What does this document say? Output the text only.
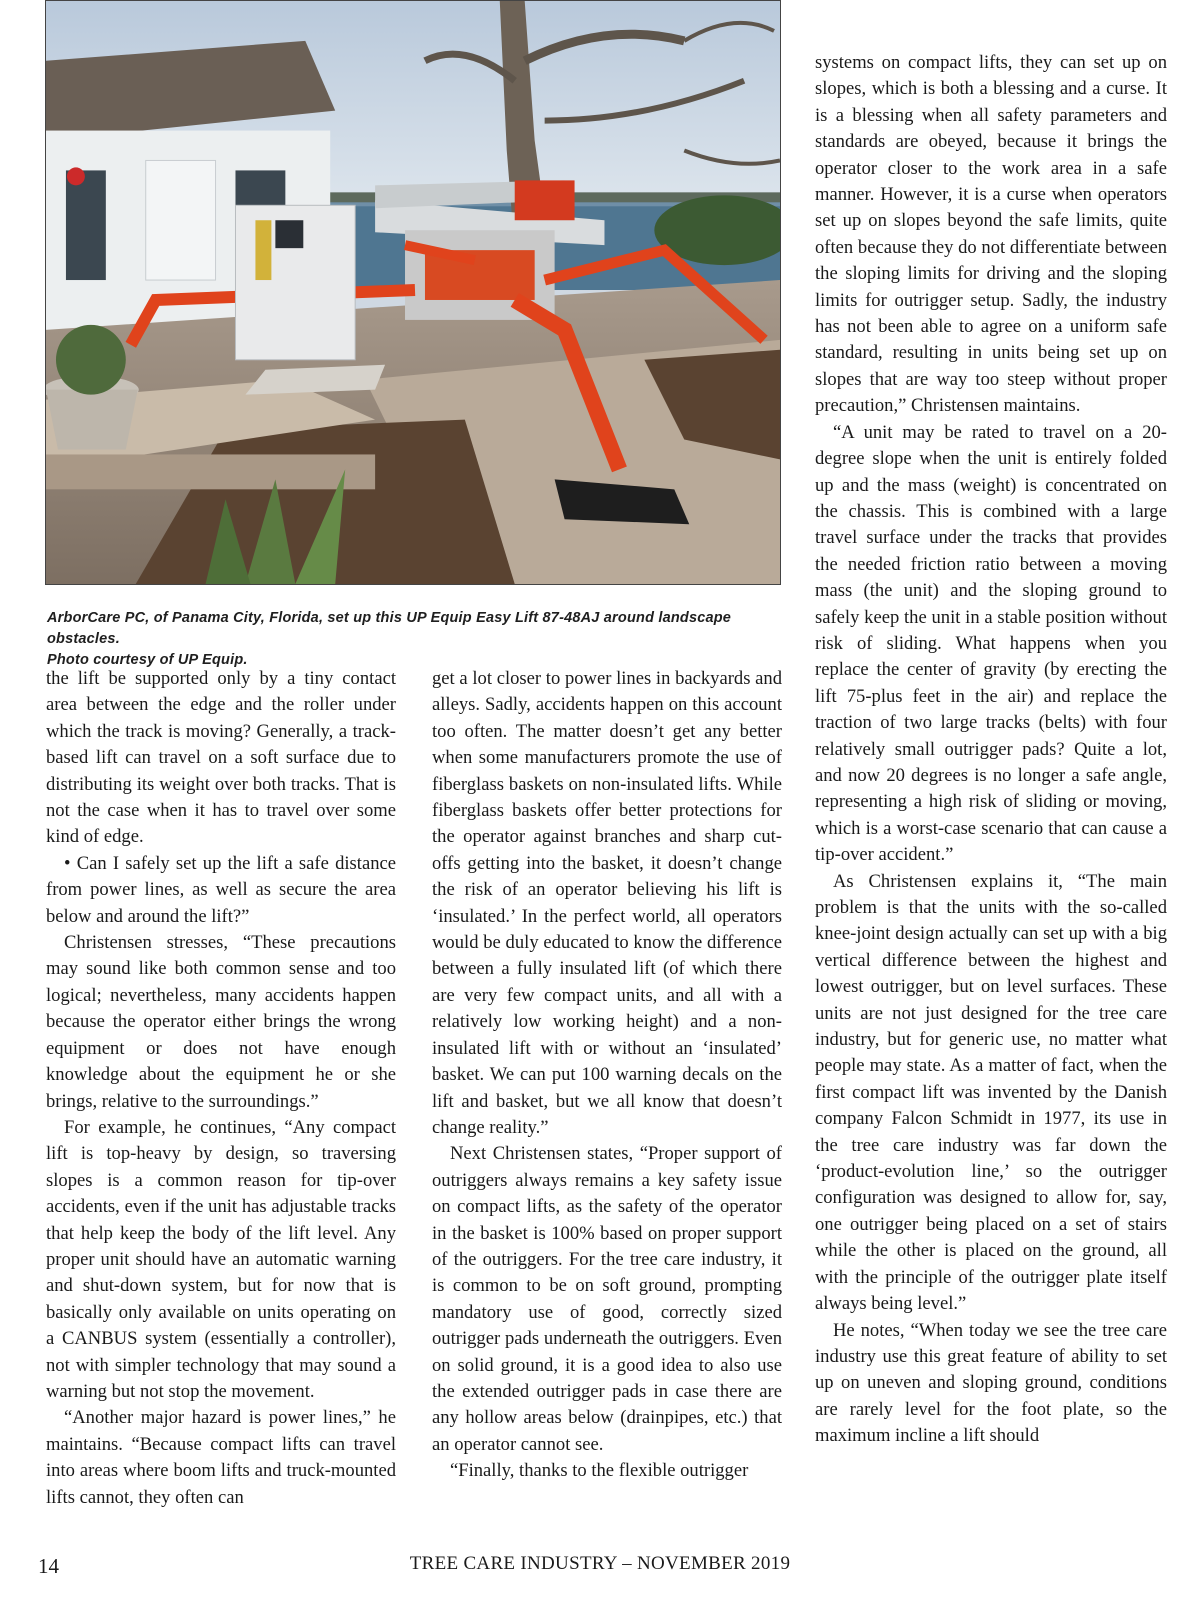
ArborCare PC, of Panama City, Florida, set up this UP Equip Easy Lift 87-48AJ around landscape obstacles.
Photo courtesy of UP Equip.

the lift be supported only by a tiny contact area between the edge and the roller under which the track is moving? Generally, a track-based lift can travel on a soft surface due to distributing its weight over both tracks. That is not the case when it has to travel over some kind of edge.

• Can I safely set up the lift a safe distance from power lines, as well as secure the area below and around the lift?”

Christensen stresses, “These precautions may sound like both common sense and too logical; nevertheless, many accidents happen because the operator either brings the wrong equipment or does not have enough knowledge about the equipment he or she brings, relative to the surroundings.”

For example, he continues, “Any compact lift is top-heavy by design, so traversing slopes is a common reason for tip-over accidents, even if the unit has adjustable tracks that help keep the body of the lift level. Any proper unit should have an automatic warning and shut-down system, but for now that is basically only available on units operating on a CANBUS system (essentially a controller), not with simpler technology that may sound a warning but not stop the movement.

“Another major hazard is power lines,” he maintains. “Because compact lifts can travel into areas where boom lifts and truck-mounted lifts cannot, they often can

get a lot closer to power lines in backyards and alleys. Sadly, accidents happen on this account too often. The matter doesn’t get any better when some manufacturers promote the use of fiberglass baskets on non-insulated lifts. While fiberglass baskets offer better protections for the operator against branches and sharp cut-offs getting into the basket, it doesn’t change the risk of an operator believing his lift is ‘insulated.’ In the perfect world, all operators would be duly educated to know the difference between a fully insulated lift (of which there are very few compact units, and all with a relatively low working height) and a non-insulated lift with or without an ‘insulated’ basket. We can put 100 warning decals on the lift and basket, but we all know that doesn’t change reality.”

Next Christensen states, “Proper support of outriggers always remains a key safety issue on compact lifts, as the safety of the operator in the basket is 100% based on proper support of the outriggers. For the tree care industry, it is common to be on soft ground, prompting mandatory use of good, correctly sized outrigger pads underneath the outriggers. Even on solid ground, it is a good idea to also use the extended outrigger pads in case there are any hollow areas below (drainpipes, etc.) that an operator cannot see.

“Finally, thanks to the flexible outrigger

systems on compact lifts, they can set up on slopes, which is both a blessing and a curse. It is a blessing when all safety parameters and standards are obeyed, because it brings the operator closer to the work area in a safe manner. However, it is a curse when operators set up on slopes beyond the safe limits, quite often because they do not differentiate between the sloping limits for driving and the sloping limits for outrigger setup. Sadly, the industry has not been able to agree on a uniform safe standard, resulting in units being set up on slopes that are way too steep without proper precaution,” Christensen maintains.

“A unit may be rated to travel on a 20-degree slope when the unit is entirely folded up and the mass (weight) is concentrated on the chassis. This is combined with a large travel surface under the tracks that provides the needed friction ratio between a moving mass (the unit) and the sloping ground to safely keep the unit in a stable position without risk of sliding. What happens when you replace the center of gravity (by erecting the lift 75-plus feet in the air) and replace the traction of two large tracks (belts) with four relatively small outrigger pads? Quite a lot, and now 20 degrees is no longer a safe angle, representing a high risk of sliding or moving, which is a worst-case scenario that can cause a tip-over accident.”

As Christensen explains it, “The main problem is that the units with the so-called knee-joint design actually can set up with a big vertical difference between the highest and lowest outrigger, but on level surfaces. These units are not just designed for the tree care industry, but for generic use, no matter what people may state. As a matter of fact, when the first compact lift was invented by the Danish company Falcon Schmidt in 1977, its use in the tree care industry was far down the ‘product-evolution line,’ so the outrigger configuration was designed to allow for, say, one outrigger being placed on a set of stairs while the other is placed on the ground, all with the principle of the outrigger plate itself always being level.”

He notes, “When today we see the tree care industry use this great feature of ability to set up on uneven and sloping ground, conditions are rarely level for the foot plate, so the maximum incline a lift should

TREE CARE INDUSTRY – NOVEMBER 2019
14
